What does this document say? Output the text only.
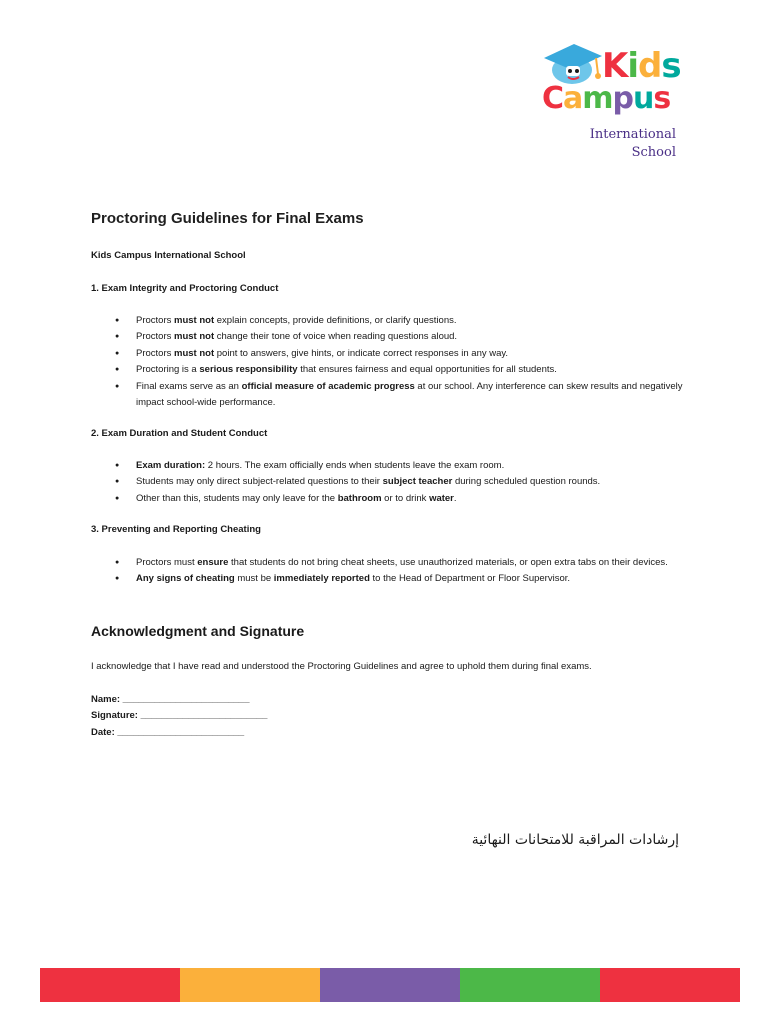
Kids
Campus
International
School
Proctoring Guidelines for Final Exams
Kids Campus International School
1. Exam Integrity and Proctoring Conduct
● Proctors must not explain concepts, provide definitions, or clarify questions.
● Proctors must not change their tone of voice when reading questions aloud.
● Proctors must not point to answers, give hints, or indicate correct responses in any way.
● Proctoring is a serious responsibility that ensures fairness and equal opportunities for all students.
● Final exams serve as an official measure of academic progress at our school. Any interference can skew results and negatively impact school-wide performance.
2. Exam Duration and Student Conduct
● Exam duration: 2 hours. The exam officially ends when students leave the exam room.
● Students may only direct subject-related questions to their subject teacher during scheduled question rounds.
● Other than this, students may only leave for the bathroom or to drink water.
3. Preventing and Reporting Cheating
● Proctors must ensure that students do not bring cheat sheets, use unauthorized materials, or open extra tabs on their devices.
● Any signs of cheating must be immediately reported to the Head of Department or Floor Supervisor.
Acknowledgment and Signature
I acknowledge that I have read and understood the Proctoring Guidelines and agree to uphold them during final exams.
Name: ________________________
Signature: ________________________
Date: ________________________
إرشادات المراقبة للامتحانات النهائية
